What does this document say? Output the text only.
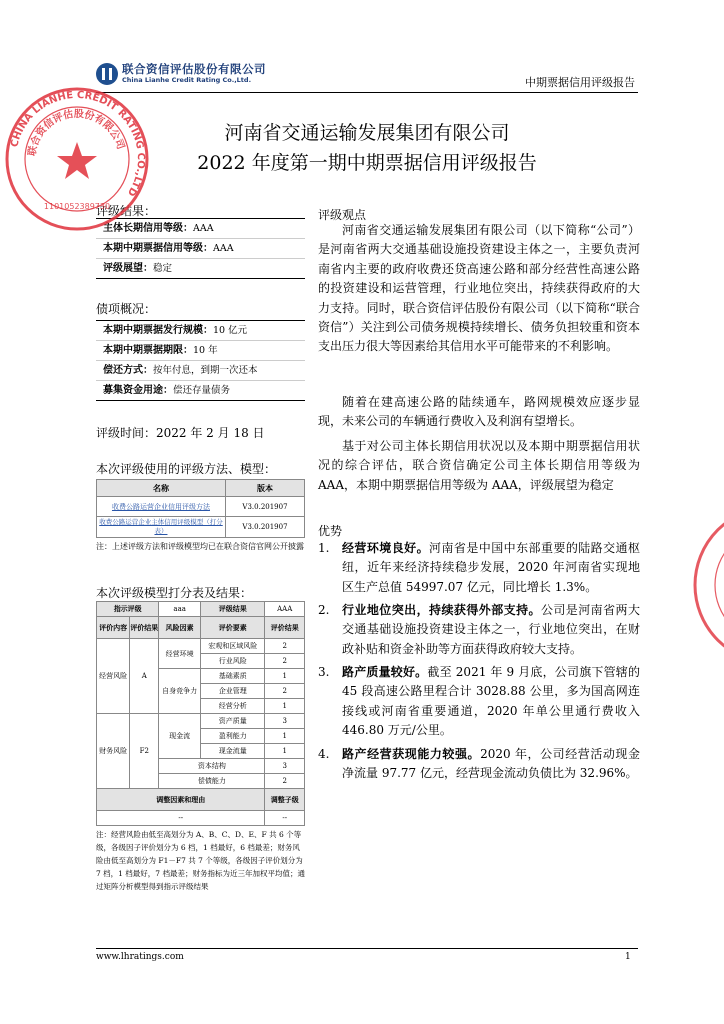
联合资信评估股份有限公司
China Lianhe Credit Rating Co.,Ltd.	中期票据信用评级报告
河南省交通运输发展集团有限公司
2022 年度第一期中期票据信用评级报告
评级结果：
主体长期信用等级：AAA
本期中期票据信用等级：AAA
评级展望：稳定
债项概况：
本期中期票据发行规模：10 亿元
本期中期票据期限：10 年
偿还方式：按年付息，到期一次还本
募集资金用途：偿还存量债务
评级时间：2022 年 2 月 18 日
本次评级使用的评级方法、模型：
名称	版本
收费公路运营企业信用评级方法	V3.0.201907
收费公路运营企业主体信用评级模型（打分表）	V3.0.201907
注：上述评级方法和评级模型均已在联合资信官网公开披露
本次评级模型打分表及结果：
指示评级		aaa	评级结果	AAA
评价内容	评价结果	风险因素	评价要素	评价结果
经营风险	A	经营环境	宏观和区域风险	2
			行业风险	2
		自身竞争力	基础素质	1
			企业管理	2
			经营分析	1
财务风险	F2	现金流	资产质量	3
			盈利能力	1
			现金流量	1
		资本结构		3
		偿债能力		2
调整因素和理由				调整子级
--				--
注：经营风险由低至高划分为 A、B、C、D、E、F 共 6 个等级，各级因子评价划分为 6 档，1 档最好，6 档最差；财务风险由低至高划分为 F1－F7 共 7 个等级，各级因子评价划分为 7 档，1 档最好，7 档最差；财务指标为近三年加权平均值；通过矩阵分析模型得到指示评级结果
评级观点

河南省交通运输发展集团有限公司（以下简称“公司”）是河南省两大交通基础设施投资建设主体之一，主要负责河南省内主要的政府收费还贷高速公路和部分经营性高速公路的投资建设和运营管理，行业地位突出，持续获得政府的大力支持。同时，联合资信评估股份有限公司（以下简称“联合资信”）关注到公司债务规模持续增长、债务负担较重和资本支出压力很大等因素给其信用水平可能带来的不利影响。

随着在建高速公路的陆续通车，路网规模效应逐步显现，未来公司的车辆通行费收入及利润有望增长。

基于对公司主体长期信用状况以及本期中期票据信用状况的综合评估，联合资信确定公司主体长期信用等级为 AAA，本期中期票据信用等级为 AAA，评级展望为稳定

优势
1. 经营环境良好。河南省是中国中东部重要的陆路交通枢纽，近年来经济持续稳步发展，2020 年河南省实现地区生产总值 54997.07 亿元，同比增长 1.3%。
2. 行业地位突出，持续获得外部支持。公司是河南省两大交通基础设施投资建设主体之一，行业地位突出，在财政补贴和资金补助等方面获得政府较大支持。
3. 路产质量较好。截至 2021 年 9 月底，公司旗下管辖的 45 段高速公路里程合计 3028.88 公里，多为国高网连接线或河南省重要通道，2020 年单公里通行费收入 446.80 万元/公里。
4. 路产经营获现能力较强。2020 年，公司经营活动现金净流量 97.77 亿元，经营现金流动负债比为 32.96%。
www.lhratings.com	1
CHINA LIANHE CREDIT RATING CO.,LTD
联合资信评估股份有限公司
1101052389730
